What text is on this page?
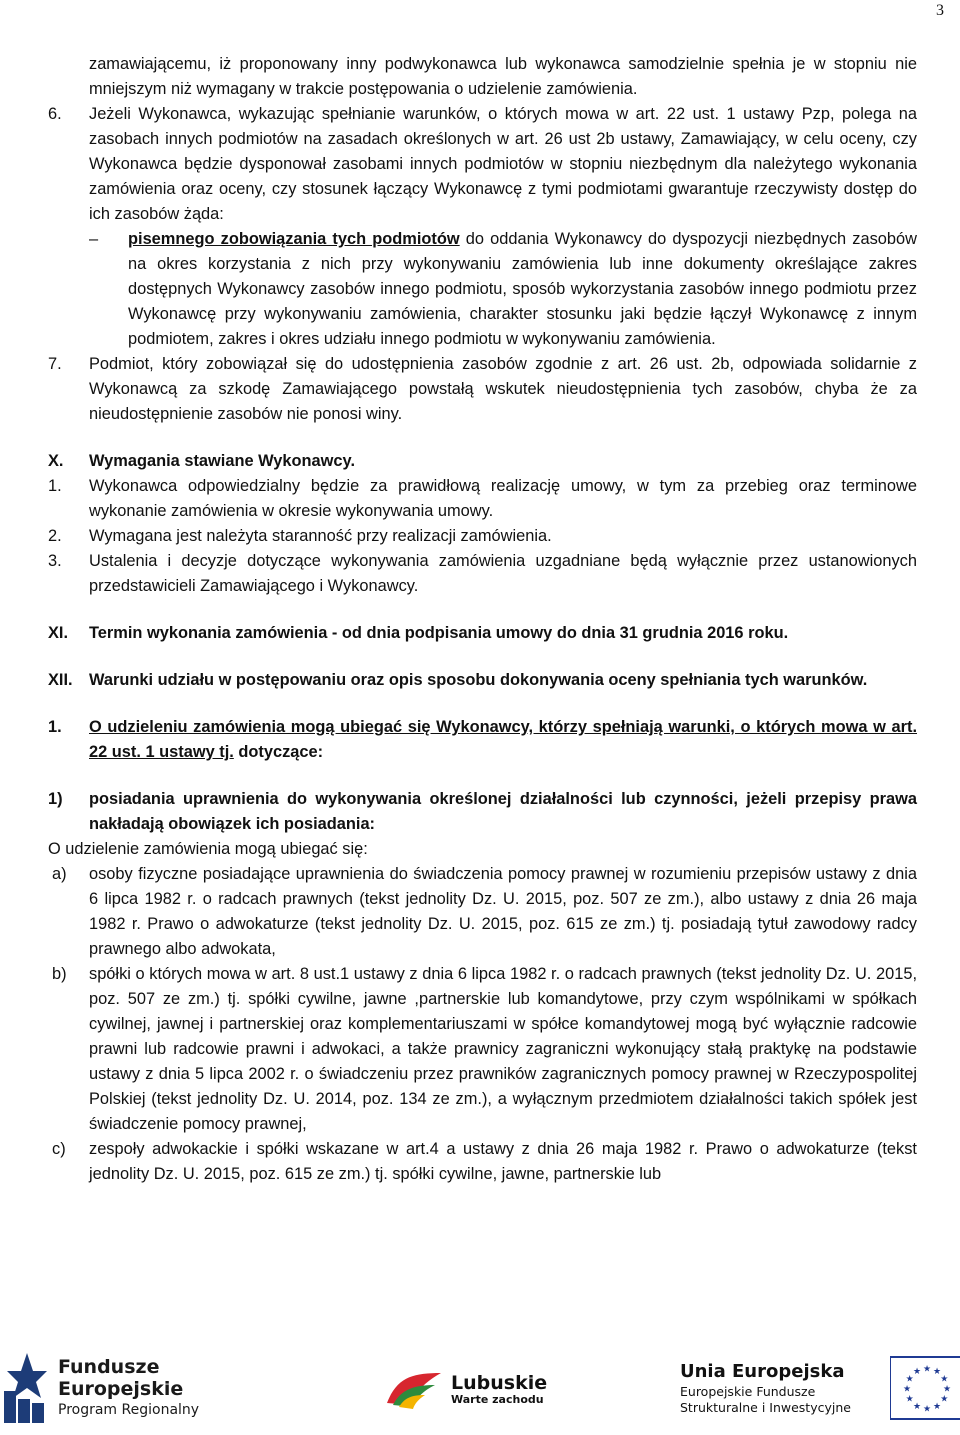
3
zamawiającemu, iż proponowany inny podwykonawca lub wykonawca samodzielnie spełnia je w stopniu nie mniejszym niż wymagany w trakcie postępowania o udzielenie zamówienia.
6. Jeżeli Wykonawca, wykazując spełnianie warunków, o których mowa w art. 22 ust. 1 ustawy Pzp, polega na zasobach innych podmiotów na zasadach określonych w art. 26 ust 2b ustawy, Zamawiający, w celu oceny, czy Wykonawca będzie dysponował zasobami innych podmiotów w stopniu niezbędnym dla należytego wykonania zamówienia oraz oceny, czy stosunek łączący Wykonawcę z tymi podmiotami gwarantuje rzeczywisty dostęp do ich zasobów żąda:
– pisemnego zobowiązania tych podmiotów do oddania Wykonawcy do dyspozycji niezbędnych zasobów na okres korzystania z nich przy wykonywaniu zamówienia lub inne dokumenty określające zakres dostępnych Wykonawcy zasobów innego podmiotu, sposób wykorzystania zasobów innego podmiotu przez Wykonawcę przy wykonywaniu zamówienia, charakter stosunku jaki będzie łączył Wykonawcę z innym podmiotem, zakres i okres udziału innego podmiotu w wykonywaniu zamówienia.
7. Podmiot, który zobowiązał się do udostępnienia zasobów zgodnie z art. 26 ust. 2b, odpowiada solidarnie z Wykonawcą za szkodę Zamawiającego powstałą wskutek nieudostępnienia tych zasobów, chyba że za nieudostępnienie zasobów nie ponosi winy.
X. Wymagania stawiane Wykonawcy.
1. Wykonawca odpowiedzialny będzie za prawidłową realizację umowy, w tym za przebieg oraz terminowe wykonanie zamówienia w okresie wykonywania umowy.
2. Wymagana jest należyta staranność przy realizacji zamówienia.
3. Ustalenia i decyzje dotyczące wykonywania zamówienia uzgadniane będą wyłącznie przez ustanowionych przedstawicieli Zamawiającego i Wykonawcy.
XI. Termin wykonania zamówienia - od dnia podpisania umowy do dnia 31 grudnia 2016 roku.
XII. Warunki udziału w postępowaniu oraz opis sposobu dokonywania oceny spełniania tych warunków.
1. O udzieleniu zamówienia mogą ubiegać się Wykonawcy, którzy spełniają warunki, o których mowa w art. 22 ust. 1 ustawy tj. dotyczące:
1) posiadania uprawnienia do wykonywania określonej działalności lub czynności, jeżeli przepisy prawa nakładają obowiązek ich posiadania:
O udzielenie zamówienia mogą ubiegać się:
a) osoby fizyczne posiadające uprawnienia do świadczenia pomocy prawnej w rozumieniu przepisów ustawy z dnia 6 lipca 1982 r. o radcach prawnych (tekst jednolity Dz. U. 2015, poz. 507 ze zm.), albo ustawy z dnia 26 maja 1982 r. Prawo o adwokaturze (tekst jednolity Dz. U. 2015, poz. 615 ze zm.) tj. posiadają tytuł zawodowy radcy prawnego albo adwokata,
b) spółki o których mowa w art. 8 ust.1 ustawy z dnia 6 lipca 1982 r. o radcach prawnych (tekst jednolity Dz. U. 2015, poz. 507 ze zm.) tj. spółki cywilne, jawne ,partnerskie lub komandytowe, przy czym wspólnikami w spółkach cywilnej, jawnej i partnerskiej oraz komplementariuszami w spółce komandytowej mogą być wyłącznie radcowie prawni lub radcowie prawni i adwokaci, a także prawnicy zagraniczni wykonujący stałą praktykę na podstawie ustawy z dnia 5 lipca 2002 r. o świadczeniu przez prawników zagranicznych pomocy prawnej w Rzeczypospolitej Polskiej (tekst jednolity Dz. U. 2014, poz. 134 ze zm.), a wyłącznym przedmiotem działalności takich spółek jest świadczenie pomocy prawnej,
c) zespoły adwokackie i spółki wskazane w art.4 a ustawy z dnia 26 maja 1982 r. Prawo o adwokaturze (tekst jednolity Dz. U. 2015, poz. 615 ze zm.) tj. spółki cywilne, jawne, partnerskie lub
Fundusze
Europejskie
Program Regionalny
Lubuskie
Warte zachodu
Unia Europejska
Europejskie Fundusze
Strukturalne i Inwestycyjne
★ ★
★
★
★
★
★
★
★
★
★
★
